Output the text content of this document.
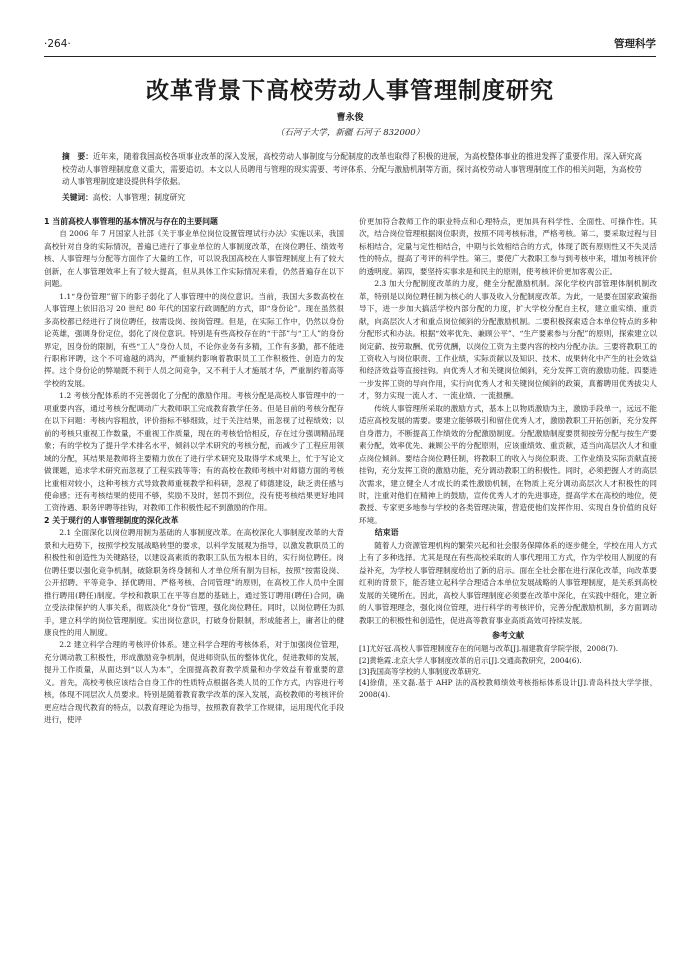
·264·	管理科学
改革背景下高校劳动人事管理制度研究
曹永俊
（石河子大学，新疆 石河子 832000）
摘　要：近年来，随着我国高校各项事业改革的深入发展，高校劳动人事制度与分配制度的改革也取得了积极的进展，为高校整体事业的推进发挥了重要作用。深入研究高校劳动人事管理制度意义重大，需要追切。本文以人员聘用与管理的现实需要、考评体系、分配与激励机制等方面，探讨高校劳动人事管理制度工作的相关问题，为高校劳动人事管理制度建设提供科学依据。
关键词：高校；人事管理；制度研究
1 当前高校人事管理的基本情况与存在的主要问题

自 2006 年 7 月国家人社部《关于事业单位岗位设置管理试行办法》实施以来，我国高校针对自身的实际情况，普遍已进行了事业单位的人事制度改革，在岗位聘任、绩效考核、人事管理与分配等方面作了大量的工作，可以说我国高校在人事管理制度上有了较大创新，在人事管理效率上有了较大提高，但从具体工作实际情况来看，仍然普遍存在以下问题。

1.1“身份管理”留下的影子弱化了人事管理中的岗位意识。当前，我国大多数高校在人事管理上依旧沿习 20 世纪 80 年代的国家行政调配的方式，即“身份论”。现在虽然很多高校都已经进行了岗位聘任，按需设岗、按岗管理。但是，在实际工作中，仍然以身份论英雄，强调身份定位，弱化了岗位意识。特别是有些高校存在的“干部”与“工人”的身份界定，因身份的限制，有些“工人”身份人员，不论你业务有多精，工作有多勤，都不能进行职称评聘，这个不可逾越的鸿沟，严重制约影响着教职员工工作积极性、创造力的发挥。这个身份论的弊端既不利于人员之间竞争，又不利于人才施展才华，严重制约着高等学校的发展。

1.2 考核分配体系的不完善弱化了分配的激励作用。考核分配是高校人事管理中的一项重要内容，通过考核分配调动广大教师职工完成教育教学任务。但是目前的考核分配存在以下问题：考核内容粗放，评价指标不够细致，过于关注结果，而忽视了过程绩效；以前的考核只重视工作数量，不重视工作质量，现在的考核恰恰相反，存在过分强调精品现象；有的学校为了提升学术排名水平，倾斜以学术研究的考核分配，而减少了工程应用领域的分配，其结果是教师将主要精力放在了进行学术研究及取得学术成果上，忙于写论文做课题，追求学术研究而忽视了工程实践等等；有的高校在教师考核中对师德方面的考核比重相对较小，这种考核方式导致教师重视教学和科研，忽视了师德建设，缺乏责任感与使命感；还有考核结果的使用不够，奖励不及时，惩罚不到位，没有使考核结果更好地同工资待遇、职务评聘等挂钩，对教师工作积极性起不到激励的作用。

2 关于现行的人事管理制度的深化改革

2.1 全面深化以岗位聘用制为基础的人事制度改革。在高校深化人事制度改革的大背景和大趋势下，按照学校发展战略转型的要求，以科学发展观为指导，以激发教职员工的积极性和创造性为关键路径，以建设高素质的教职工队伍为根本目的，实行岗位聘任。岗位聘任要以强化竞争机制，破除职务终身制和人才单位所有制为目标，按照“按需设岗、公开招聘、平等竞争、择优聘用、严格考核、合同管理”的原则，在高校工作人员中全面推行聘用(聘任)制度。学校和教职工在平等自愿的基础上，通过签订聘用(聘任)合同，确立受法律保护的人事关系，彻底淡化“身份”管理，强化岗位聘任。同时，以岗位聘任为抓手，建立科学的岗位管理制度。实出岗位意识，打破身份限制，形成能者上，庸者让的健康良性的用人制度。

2.2 建立科学合理的考核评价体系。建立科学合理的考核体系，对于加强岗位管理，充分调动教工积极性，形成激励竞争机制，促进师资队伍的整体优化，促进教师的发展，提升工作质量，从面达到“以人为本”，全面提高教育教学质量和办学效益有着重要的意义。首先，高校考核应该结合自身工作的性质特点根据各类人员的工作方式，内容进行考核，体现不同层次人员要求。特别是随着教育教学改革的深入发展，高校教师的考核评价更应结合现代教育的特点，以教育理论为指导，按照教育教学工作规律，运用现代化手段进行，使评

价更加符合教师工作的职业特点和心理特点，更加具有科学性、全面性、可操作性。其次，结合岗位管理根据岗位职责，按照不同考核标准，严格考核。第二，要采取过程与目标相结合，定量与定性相结合，中期与长效相结合的方式，体现了既有原则性又不失灵活性的特点，提高了考评的科学性。第三，要使广大教职工参与到考核中来，增加考核评价的透明度。第四，要坚持实事求是和民主的原则，使考核评价更加客观公正。

2.3 加大分配制度改革的力度，健全分配激励机制。深化学校内部管理体制机制改革，特别是以岗位聘任制为核心的人事及收入分配制度改革。为此，一是要在国家政策指导下，进一步加大搞活学校内部分配的力度，扩大学校分配自主权，建立重实绩、重贡献，向高层次人才和重点岗位倾斜的分配激励机制。二要积极探索适合本单位特点的多种分配形式和办法。根据“效率优先、兼顾公平”、“生产要素参与分配”的原则，探索建立以岗定薪、按劳取酬、优劳优酬，以岗位工资为主要内容的校内分配办法。三要将教职工的工资收入与岗位职责、工作业绩，实际贡献以及知识、技术、成果转化中产生的社会效益和经济效益等直接挂钩。向优秀人才和关键岗位倾斜，充分发挥工资的激励功能。四要进一步发挥工资的导向作用，实行向优秀人才和关键岗位倾斜的政策，真蓄聘用优秀拔尖人才，努力实现一流人才、一流业绩、一流报酬。

传统人事管理所采取的激励方式，基本上以物质激励为主，激励手段单一，远远不能适应高校发展的需要。要建立能够吸引和留住优秀人才，激励教职工开拓创新，充分发挥自身潜力，不断提高工作绩效的分配激励制度。分配激励制度要贯彻按劳分配与按生产要素分配，效率优先、兼顾公平的分配原则，应该重绩效、重贡献，适当向高层次人才和重点岗位倾斜。要结合岗位聘任制，将教职工的收入与岗位职责、工作业绩及实际贡献直接挂钩，充分发挥工资的激励功能，充分调动教职工的积极性。同时，必须把握人才的高层次需求，建立健全人才成长的柔性激励机制，在物质上充分调动高层次人才积极性的同时，注重对他们在精神上的鼓励，宣传优秀人才的先进事迹，提高学术在高校的地位，使教授、专家更多地参与学校的各类管理决策，营造使他们发挥作用、实现自身价值的良好环境。

结束语

随着人力资源管理机构的繁荣兴起和社会服务保障体系的逐步健全，学校在用人方式上有了多种选择。尤其是现在有些高校采取的人事代理用工方式，作为学校用人制度的有益补充，为学校人事管理制度给出了新的启示。面在全社会都在进行深化改革，向改革要红利的背景下，能否建立起科学合理适合本单位发展战略的人事管理制度，是关系到高校发展的关键所在。因此，高校人事管理制度必须要在改革中深化，在实践中细化，建立新的人事管理理念，强化岗位管理，进行科学的考核评价，完善分配激励机制，多方面调动教职工的积极性和创造性，促进高等教育事业高质高效可持续发展。

参考文献

[1]尤好冠.高校人事管理制度存在的问题与改革[J].福建教育学院学报，2008(7).

[2]黄艳霞.北京大学人事制度改革的启示[J].交通高教研究，2004(6).

[3]我国高等学校的人事制度改革研究.

[4]徐倩，巫文磊.基于 AHP 法的高校教师绩效考核指标体系设计[J].青岛科技大学学报，2008(4).
